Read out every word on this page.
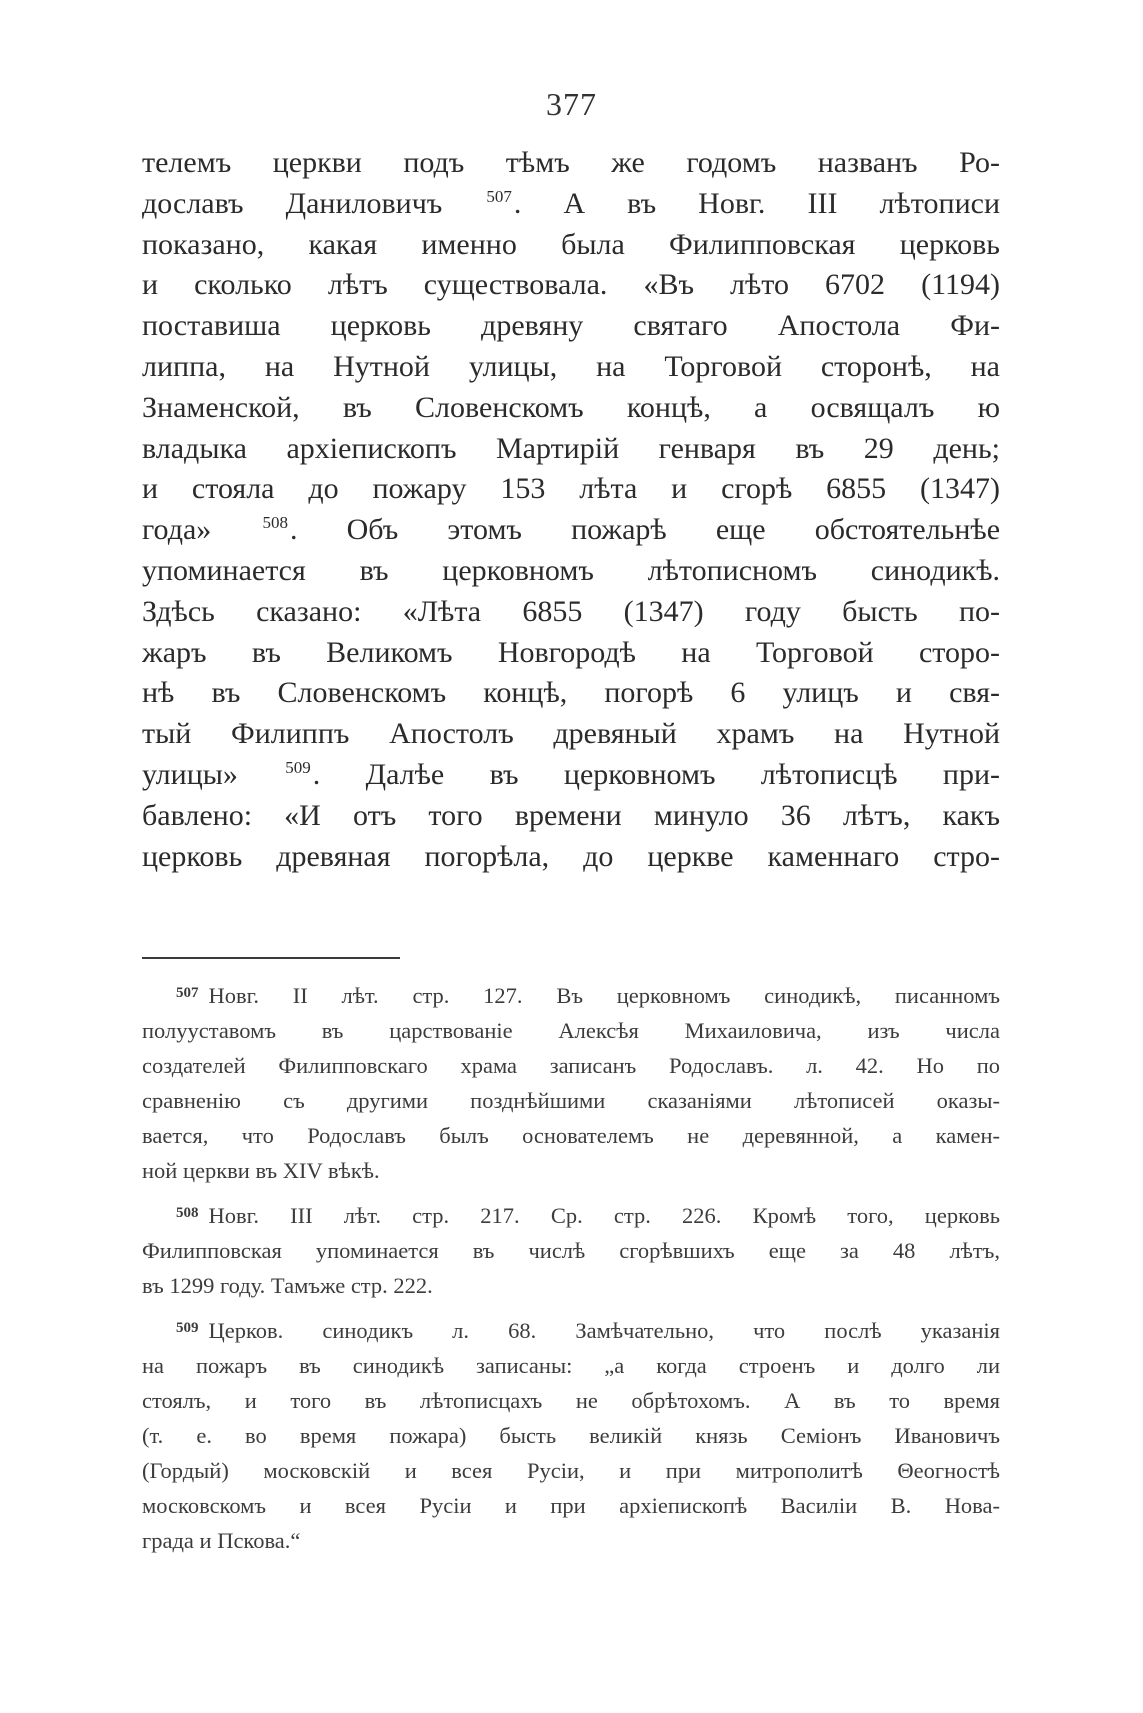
377
телемъ церкви подъ тѣмъ же годомъ названъ Ро-
дославъ Даниловичъ	$^{507}$. А въ Новг. III лѣтописи
показано, какая именно была Филипповская церковь
и сколько лѣтъ существовала. «Въ лѣто 6702 (1194)
поставиша церковь древяну святаго Апостола Фи-
липпа, на Нутной улицы, на Торговой сторонѣ, на
Знаменской, въ Словенскомъ концѣ, а освящалъ ю
владыка архіепископъ Мартирій генваря въ 29 день;
и стояла до пожару 153 лѣта и сгорѣ 6855 (1347)
года»	$^{508}$. Объ этомъ пожарѣ еще обстоятельнѣе
упоминается въ церковномъ лѣтописномъ синодикѣ.
Здѣсь сказано: «Лѣта 6855 (1347) году бысть по-
жаръ въ Великомъ Новгородѣ на Торговой сторо-
нѣ въ Словенскомъ концѣ, погорѣ 6 улицъ и свя-
тый Филиппъ Апостолъ древяный храмъ на Нутной
улицы»	$^{509}$. Далѣе въ церковномъ лѣтописцѣ при-
бавлено: «И отъ того времени минуло 36 лѣтъ, какъ
церковь древяная погорѣла, до церкве каменнаго стро-
$^{507}$ Новг. II лѣт. стр. 127. Въ церковномъ синодикѣ, писанномъ
полууставомъ въ царствованіе Алексѣя Михаиловича, изъ числа
создателей Филипповскаго храма записанъ Родославъ. л. 42. Но по
сравненію съ другими позднѣйшими сказаніями лѣтописей оказы-
вается, что Родославъ былъ основателемъ не деревянной, а камен-
ной церкви въ XIV вѣкѣ.
$^{508}$ Новг. III лѣт. стр. 217. Ср. стр. 226. Кромѣ того, церковь
Филипповская упоминается въ числѣ сгорѣвшихъ еще за 48 лѣтъ,
въ 1299 году. Тамъже стр. 222.
$^{509}$ Церков. синодикъ л. 68. Замѣчательно, что послѣ указанія
на пожаръ въ синодикѣ записаны: „а когда строенъ и долго ли
стоялъ, и того въ лѣтописцахъ не обрѣтохомъ. А въ то время
(т. е. во время пожара) бысть великій князь Семіонъ Ивановичъ
(Гордый) московскій и всея Русіи, и при митрополитѣ Θеогностѣ
московскомъ и всея Русіи и при архіепископѣ Василіи В. Нова-
града и Пскова.“
